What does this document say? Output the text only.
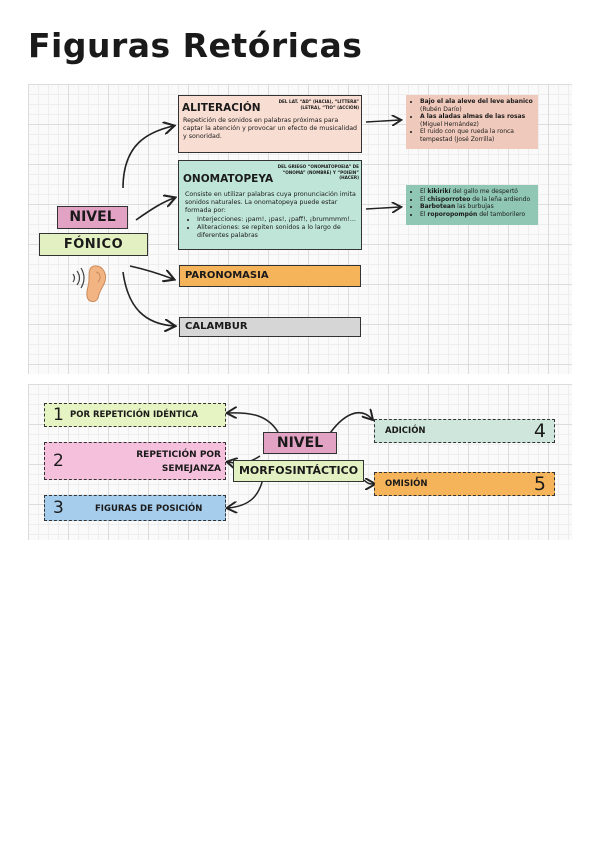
Figuras Retóricas
NIVEL
FÓNICO
ALITERACIÓN
DEL LAT. “AD” (HACIA), “LITTERA” (LETRA), “TIO” (ACCIÓN)
Repetición de sonidos en palabras próximas para captar la atención y provocar un efecto de musicalidad y sonoridad.
• Bajo el ala aleve del leve abanico (Rubén Darío)
• A las aladas almas de las rosas (Miguel Hernández)
• El ruido con que rueda la ronca tempestad (José Zorrilla)
ONOMATOPEYA
DEL GRIEGO “ONOMATOPOEIA” DE “ONOMA” (NOMBRE) Y “POIEIN” (HACER)
Consiste en utilizar palabras cuya pronunciación imita sonidos naturales. La onomatopeya puede estar formada por:
• Interjecciones: ¡pam!, ¡pas!, ¡paff!, ¡brummmm!...
• Aliteraciones: se repiten sonidos a lo largo de diferentes palabras
• El kikirikí del gallo me despertó
• El chisporroteo de la leña ardiendo
• Barbotean las burbujas
• El roporopompón del tamborilero
PARONOMASIA
CALAMBUR
NIVEL
MORFOSINTÁCTICO
1 POR REPETICIÓN IDÉNTICA
2	REPETICIÓN POR SEMEJANZA
3	FIGURAS DE POSICIÓN
ADICIÓN	4
OMISIÓN	5
